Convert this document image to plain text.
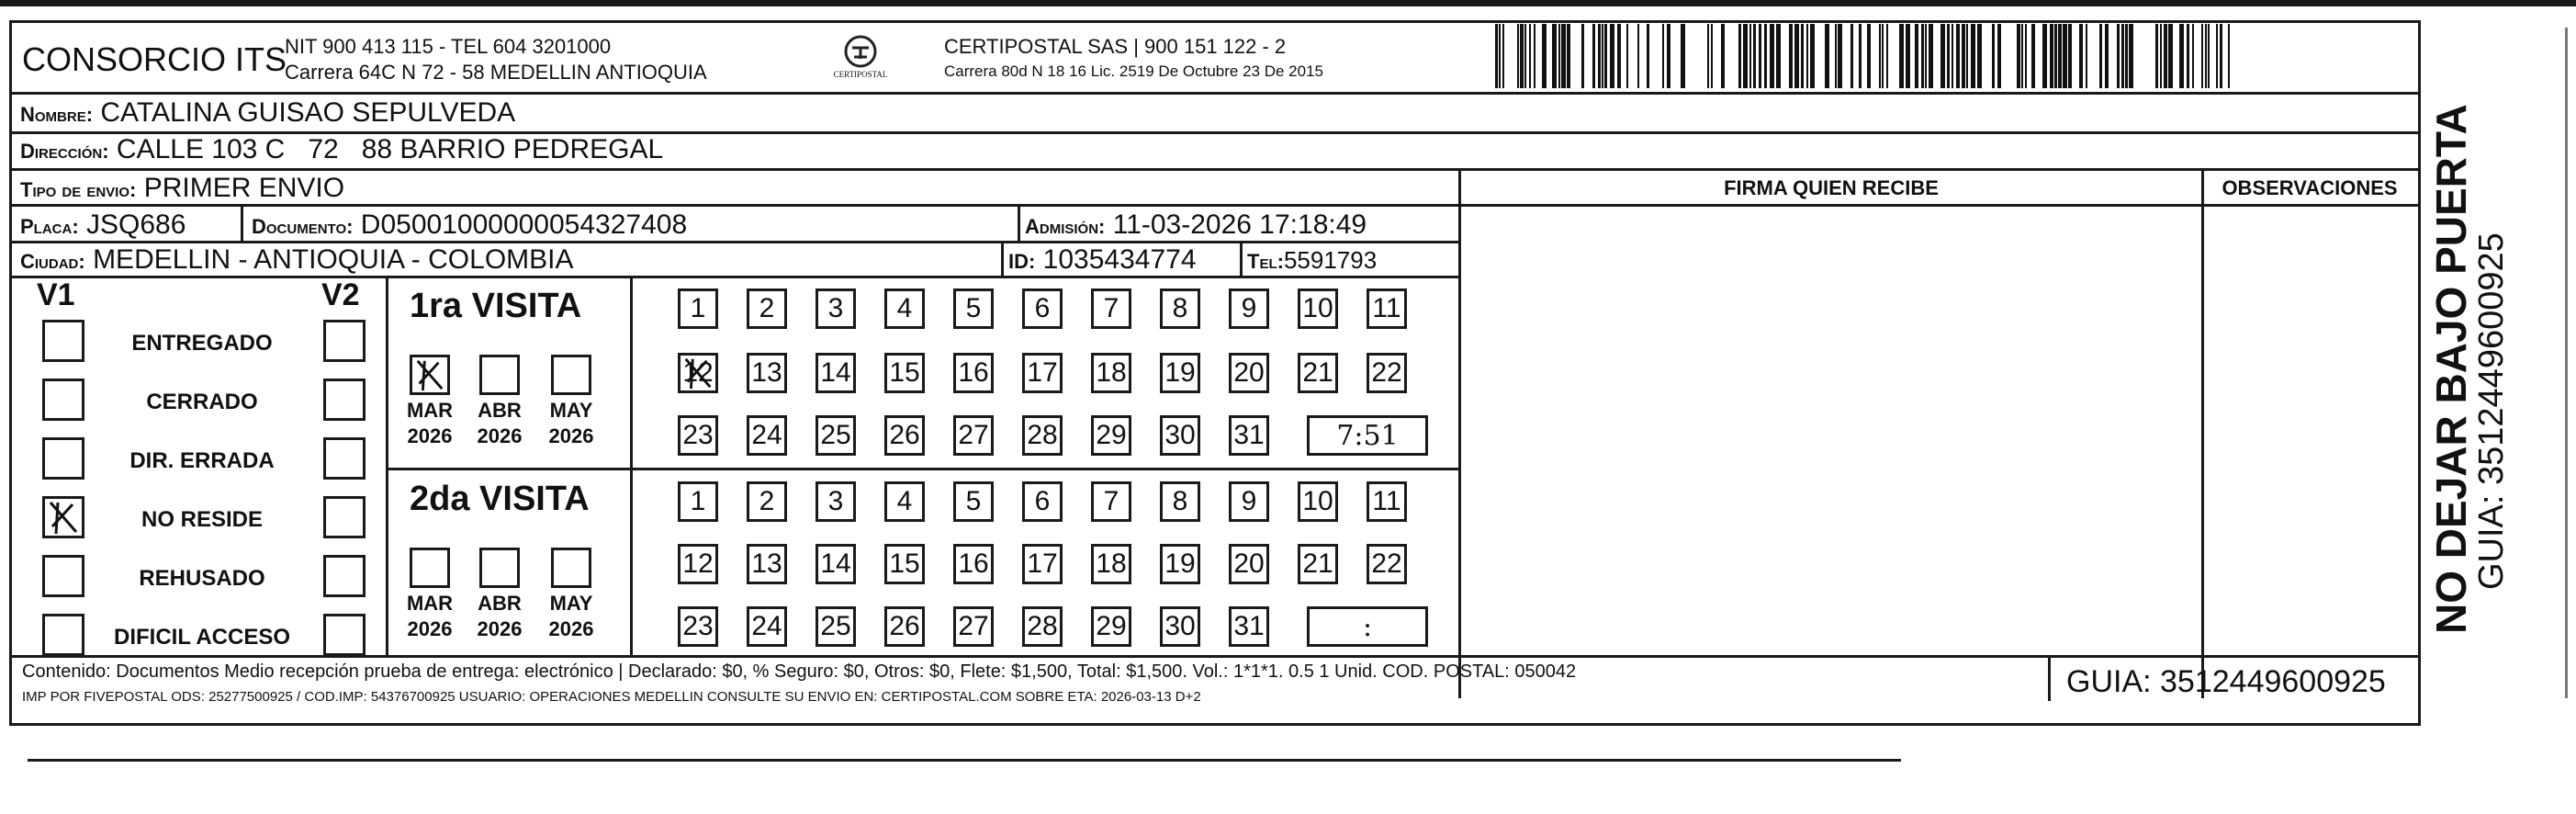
CONSORCIO ITS
NIT 900 413 115 - TEL 604 3201000
Carrera 64C N 72 - 58 MEDELLIN ANTIOQUIA	CERTIPOSTAL
CERTIPOSTAL SAS | 900 151 122 - 2
Carrera 80d N 18 16 Lic. 2519 De Octubre 23 De 2015
Nombre: CATALINA GUISAO SEPULVEDA
Dirección: CALLE 103 C   72   88 BARRIO PEDREGAL
Tipo de envio: PRIMER ENVIO	FIRMA QUIEN RECIBE	OBSERVACIONES
Placa: JSQ686	Documento: D05001000000054327408	Admisión: 11-03-2026 17:18:49
Ciudad: MEDELLIN - ANTIOQUIA - COLOMBIA	ID: 1035434774	Tel:5591793
V1	V2
ENTREGADO
CERRADO
DIR. ERRADA
NO RESIDE
REHUSADO
DIFICIL ACCESO
1ra VISITA
2da VISITA
MAR
2026
ABR
2026
MAY
2026
MAR
2026
ABR
2026
MAY
2026
1 2 3 4 5 6 7 8 9 10 11
12 13 14 15 16 17 18 19 20 21 22
23 24 25 26 27 28 29 30 31	7:51
1 2 3 4 5 6 7 8 9 10 11
12 13 14 15 16 17 18 19 20 21 22
23 24 25 26 27 28 29 30 31	:
Contenido: Documentos Medio recepción prueba de entrega: electrónico | Declarado: $0, % Seguro: $0, Otros: $0, Flete: $1,500, Total: $1,500. Vol.: 1*1*1. 0.5 1 Unid. COD. POSTAL: 050042
IMP POR FIVEPOSTAL ODS: 25277500925 / COD.IMP: 54376700925 USUARIO: OPERACIONES MEDELLIN CONSULTE SU ENVIO EN: CERTIPOSTAL.COM SOBRE ETA: 2026-03-13 D+2	GUIA: 3512449600925
NO DEJAR BAJO PUERTA
GUIA: 3512449600925
